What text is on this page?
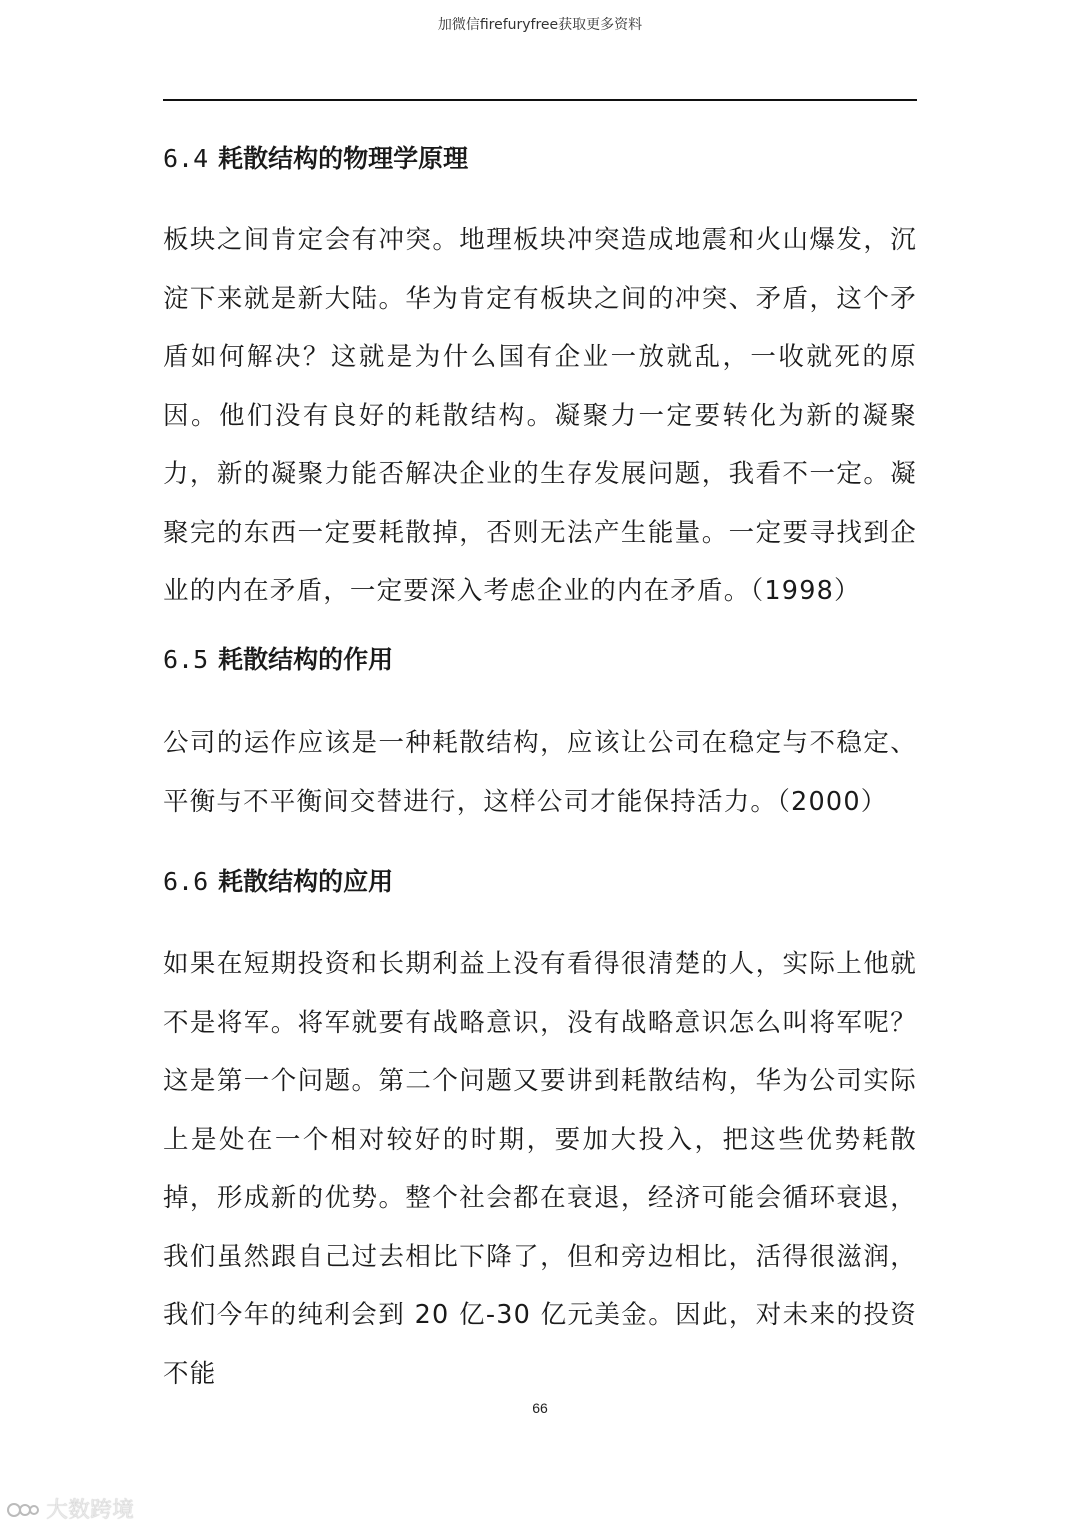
加微信firefuryfree获取更多资料
6.4 耗散结构的物理学原理

板块之间肯定会有冲突。地理板块冲突造成地震和火山爆发，沉淀下来就是新大陆。华为肯定有板块之间的冲突、矛盾，这个矛盾如何解决？这就是为什么国有企业一放就乱，一收就死的原因。他们没有良好的耗散结构。凝聚力一定要转化为新的凝聚力，新的凝聚力能否解决企业的生存发展问题，我看不一定。凝聚完的东西一定要耗散掉，否则无法产生能量。一定要寻找到企业的内在矛盾，一定要深入考虑企业的内在矛盾。（1998）

6.5 耗散结构的作用

公司的运作应该是一种耗散结构，应该让公司在稳定与不稳定、平衡与不平衡间交替进行，这样公司才能保持活力。（2000）

6.6 耗散结构的应用

如果在短期投资和长期利益上没有看得很清楚的人，实际上他就不是将军。将军就要有战略意识，没有战略意识怎么叫将军呢？这是第一个问题。第二个问题又要讲到耗散结构，华为公司实际上是处在一个相对较好的时期，要加大投入，把这些优势耗散掉，形成新的优势。整个社会都在衰退，经济可能会循环衰退，我们虽然跟自己过去相比下降了，但和旁边相比，活得很滋润，我们今年的纯利会到 20 亿-30 亿元美金。因此，对未来的投资不能

66
大数跨境
